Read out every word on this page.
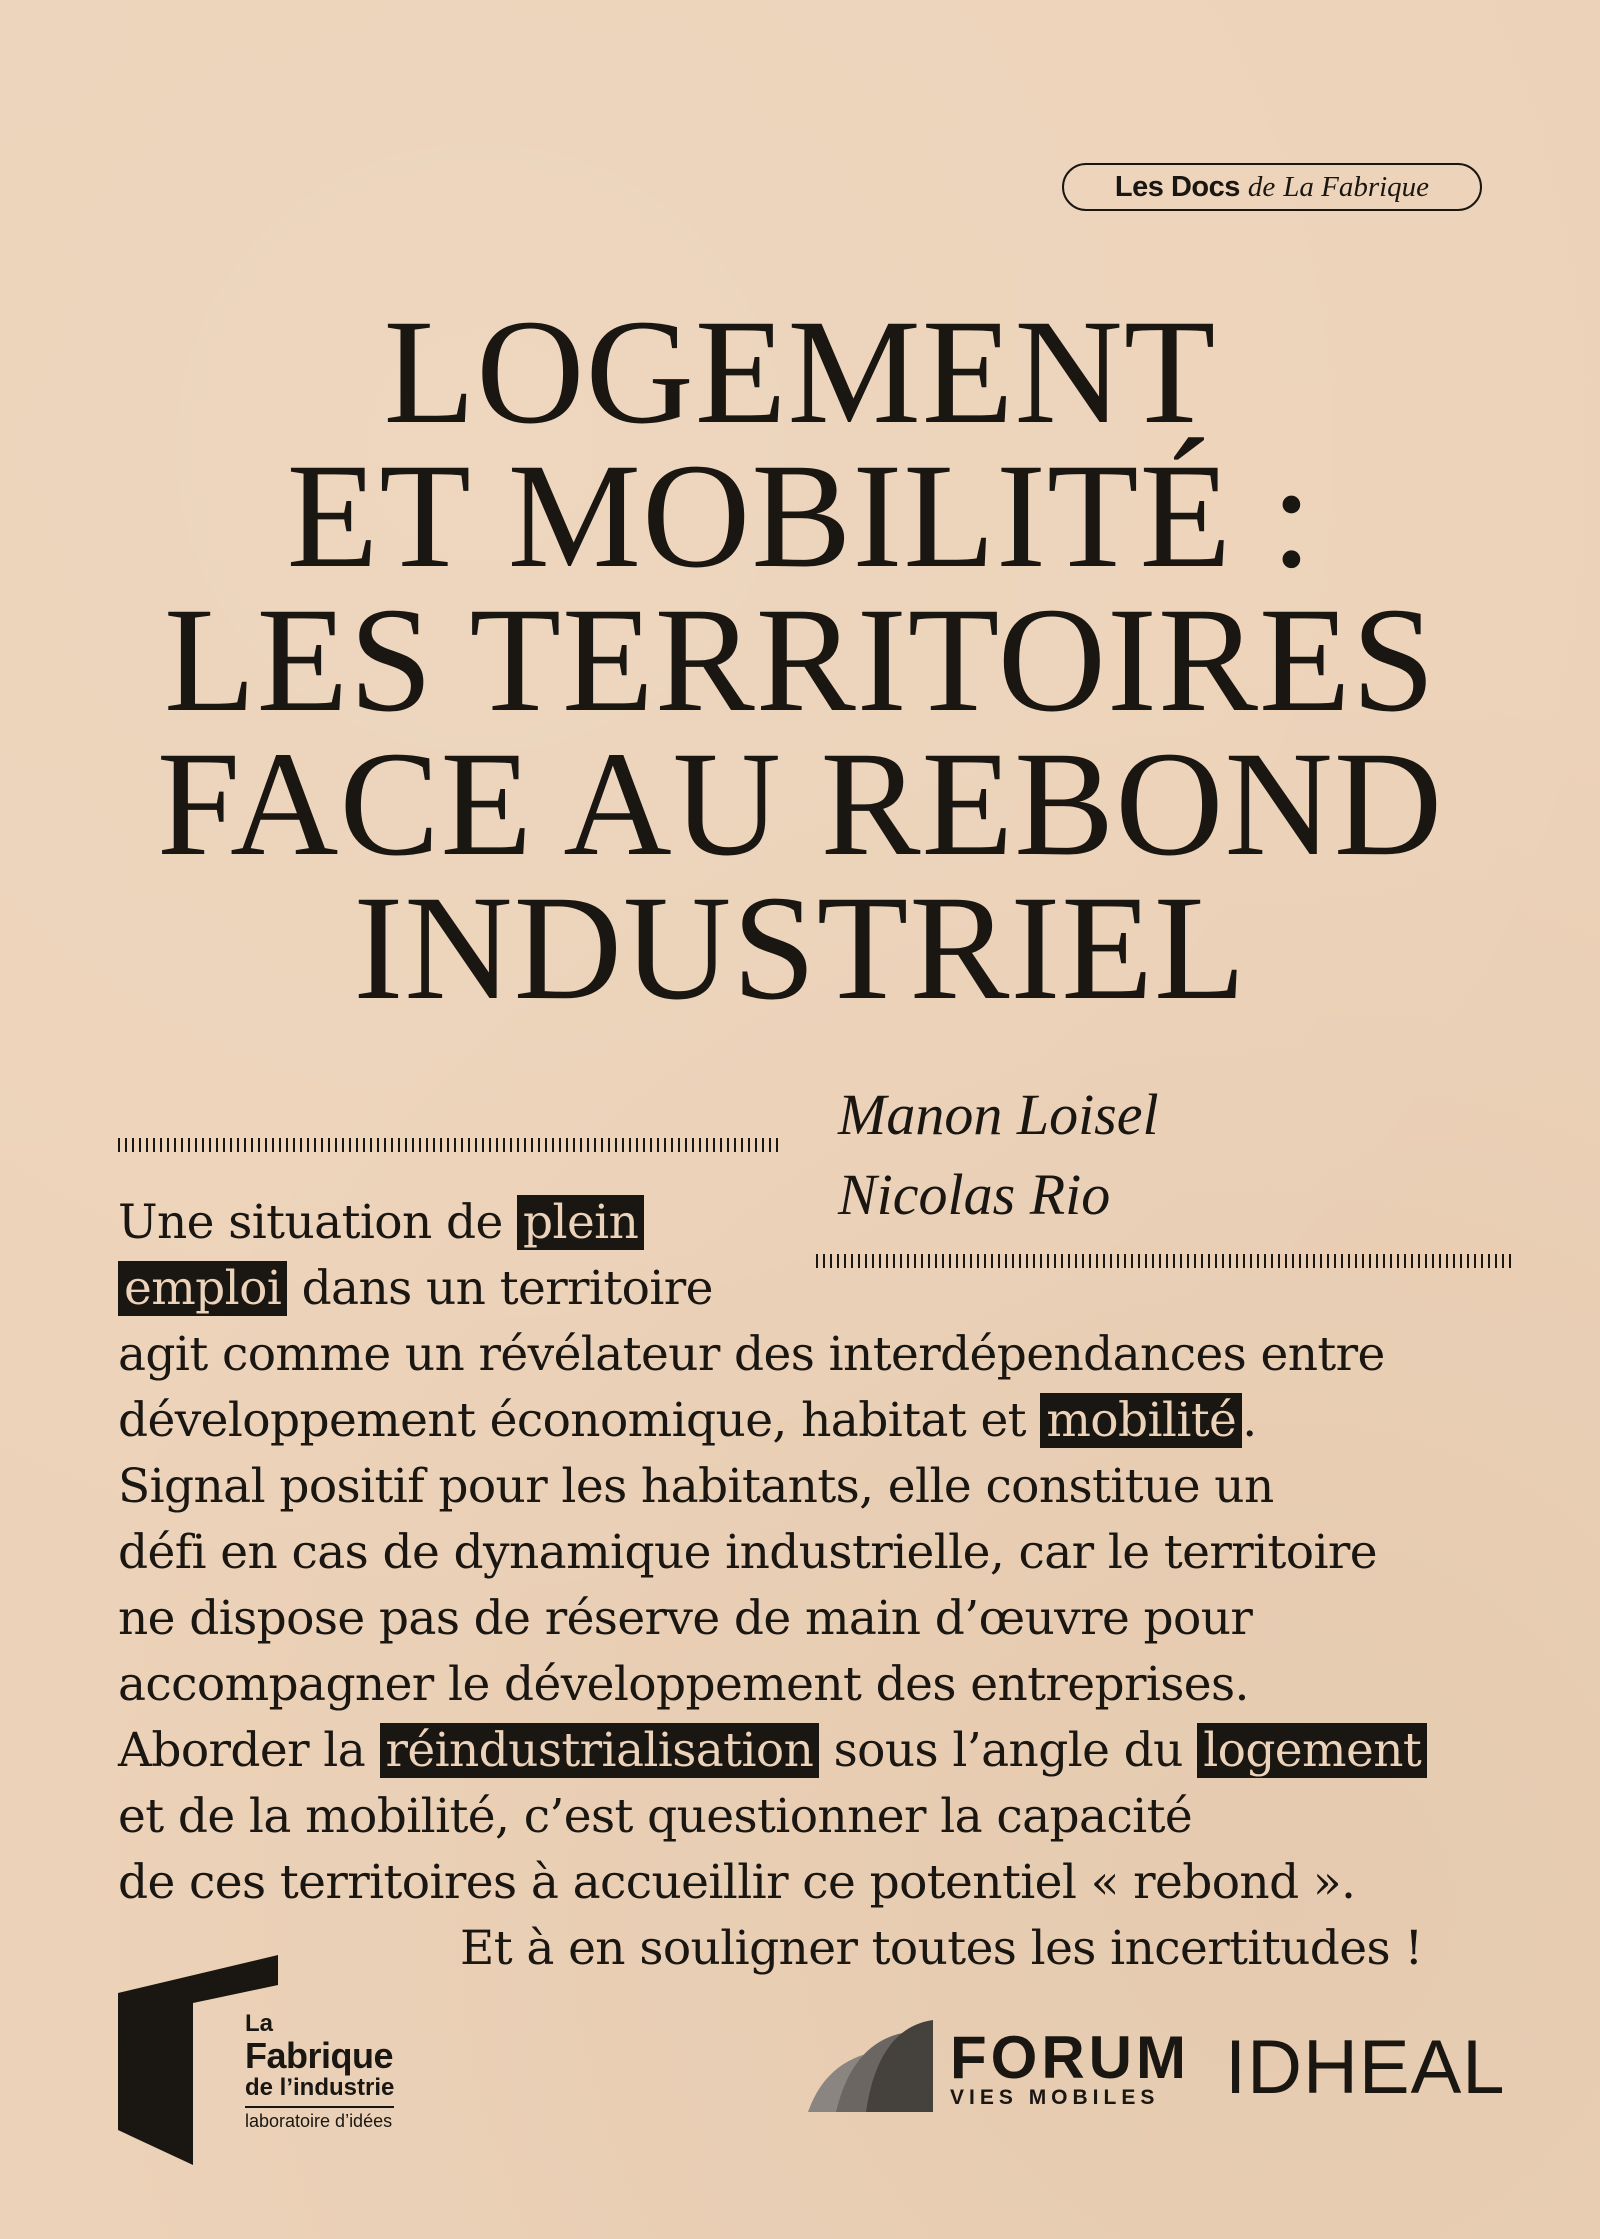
Les Docs de La Fabrique
LOGEMENT
ET MOBILITÉ :
LES TERRITOIRES
FACE AU REBOND
INDUSTRIEL
Manon Loisel
Nicolas Rio
Une situation de plein
emploi dans un territoire
agit comme un révélateur des interdépendances entre
développement économique, habitat et mobilité .
Signal positif pour les habitants, elle constitue un
défi en cas de dynamique industrielle, car le territoire
ne dispose pas de réserve de main d’œuvre pour
accompagner le développement des entreprises.
Aborder la réindustrialisation sous l’angle du logement
et de la mobilité, c’est questionner la capacité
de ces territoires à accueillir ce potentiel « rebond ».
Et à en souligner toutes les incertitudes !
La
Fabrique
de l’industrie
laboratoire d’idées
FORUM
VIES MOBILES IDHEAL
